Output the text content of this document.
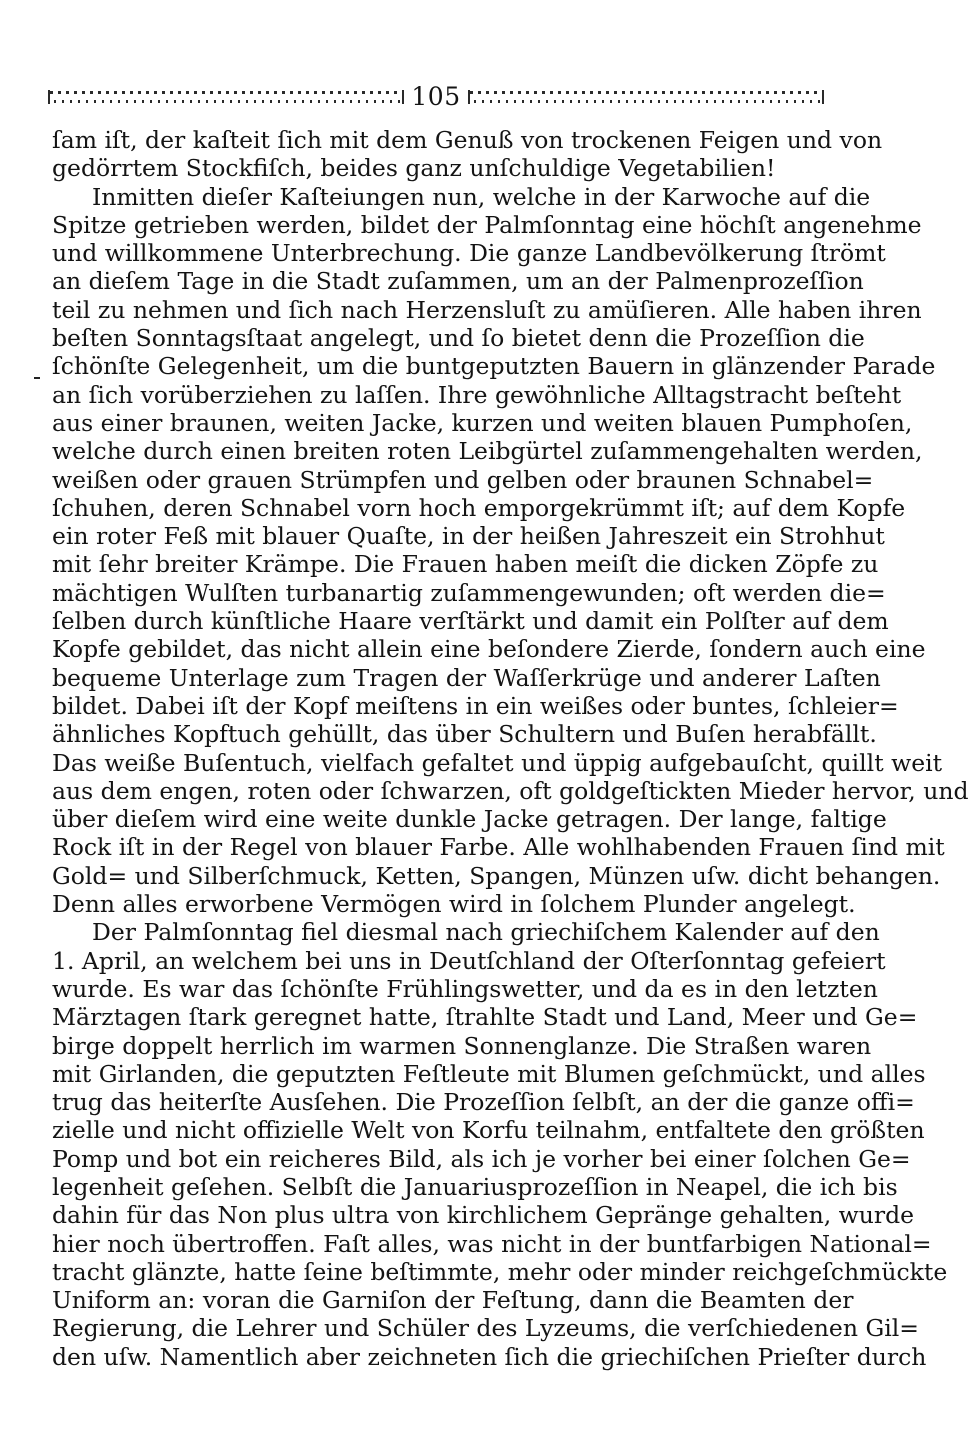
105
ſam iſt, der kaſteit ſich mit dem Genuß von trockenen Feigen und von
gedörrtem Stockfiſch, beides ganz unſchuldige Vegetabilien!
Inmitten dieſer Kaſteiungen nun, welche in der Karwoche auf die
Spitze getrieben werden, bildet der Palmſonntag eine höchſt angenehme
und willkommene Unterbrechung. Die ganze Landbevölkerung ſtrömt
an dieſem Tage in die Stadt zuſammen, um an der Palmenprozeſſion
teil zu nehmen und ſich nach Herzensluſt zu amüſieren. Alle haben ihren
beſten Sonntagsſtaat angelegt, und ſo bietet denn die Prozeſſion die
ſchönſte Gelegenheit, um die buntgeputzten Bauern in glänzender Parade
an ſich vorüberziehen zu laſſen. Ihre gewöhnliche Alltagstracht beſteht
aus einer braunen, weiten Jacke, kurzen und weiten blauen Pumphoſen,
welche durch einen breiten roten Leibgürtel zuſammengehalten werden,
weißen oder grauen Strümpfen und gelben oder braunen Schnabel=
ſchuhen, deren Schnabel vorn hoch emporgekrümmt iſt; auf dem Kopfe
ein roter Feß mit blauer Quaſte, in der heißen Jahreszeit ein Strohhut
mit ſehr breiter Krämpe. Die Frauen haben meiſt die dicken Zöpfe zu
mächtigen Wulſten turbanartig zuſammengewunden; oft werden die=
ſelben durch künſtliche Haare verſtärkt und damit ein Polſter auf dem
Kopfe gebildet, das nicht allein eine beſondere Zierde, ſondern auch eine
bequeme Unterlage zum Tragen der Waſſerkrüge und anderer Laſten
bildet. Dabei iſt der Kopf meiſtens in ein weißes oder buntes, ſchleier=
ähnliches Kopftuch gehüllt, das über Schultern und Buſen herabfällt.
Das weiße Buſentuch, vielfach gefaltet und üppig aufgebauſcht, quillt weit
aus dem engen, roten oder ſchwarzen, oft goldgeſtickten Mieder hervor, und
über dieſem wird eine weite dunkle Jacke getragen. Der lange, faltige
Rock iſt in der Regel von blauer Farbe. Alle wohlhabenden Frauen ſind mit
Gold= und Silberſchmuck, Ketten, Spangen, Münzen uſw. dicht behangen.
Denn alles erworbene Vermögen wird in ſolchem Plunder angelegt.
Der Palmſonntag fiel diesmal nach griechiſchem Kalender auf den
1. April, an welchem bei uns in Deutſchland der Oſterſonntag gefeiert
wurde. Es war das ſchönſte Frühlingswetter, und da es in den letzten
Märztagen ſtark geregnet hatte, ſtrahlte Stadt und Land, Meer und Ge=
birge doppelt herrlich im warmen Sonnenglanze. Die Straßen waren
mit Girlanden, die geputzten Feſtleute mit Blumen geſchmückt, und alles
trug das heiterſte Ausſehen. Die Prozeſſion ſelbſt, an der die ganze offi=
zielle und nicht offizielle Welt von Korfu teilnahm, entfaltete den größten
Pomp und bot ein reicheres Bild, als ich je vorher bei einer ſolchen Ge=
legenheit geſehen. Selbſt die Januariusprozeſſion in Neapel, die ich bis
dahin für das Non plus ultra von kirchlichem Gepränge gehalten, wurde
hier noch übertroffen. Faſt alles, was nicht in der buntfarbigen National=
tracht glänzte, hatte ſeine beſtimmte, mehr oder minder reichgeſchmückte
Uniform an: voran die Garniſon der Feſtung, dann die Beamten der
Regierung, die Lehrer und Schüler des Lyzeums, die verſchiedenen Gil=
den uſw. Namentlich aber zeichneten ſich die griechiſchen Prieſter durch
